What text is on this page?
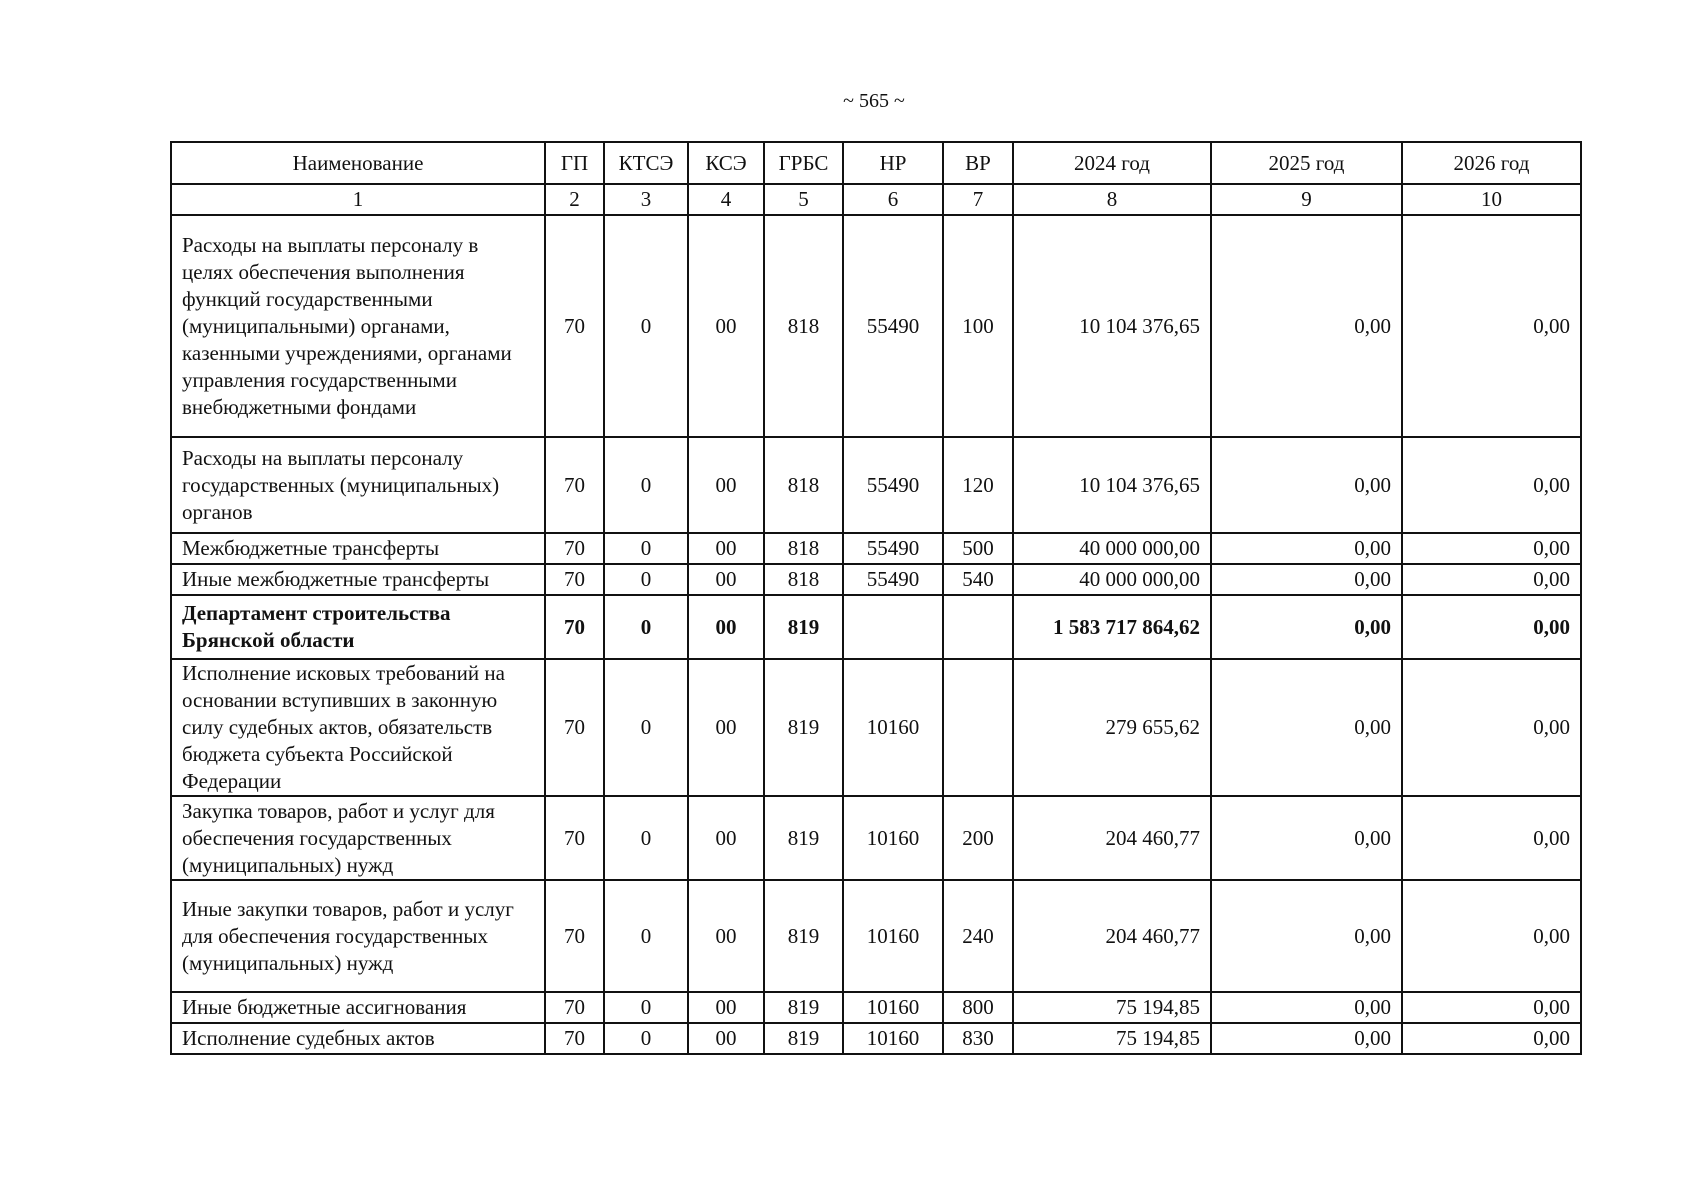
~ 565 ~
Наименование	ГП	КТСЭ	КСЭ	ГРБС	НР	ВР	2024 год	2025 год	2026 год
1	2	3	4	5	6	7	8	9	10
Расходы на выплаты персоналу в целях обеспечения выполнения функций государственными (муниципальными) органами, казенными учреждениями, органами управления государственными внебюджетными фондами	70	0	00	818	55490	100	10 104 376,65	0,00	0,00
Расходы на выплаты персоналу государственных (муниципальных) органов	70	0	00	818	55490	120	10 104 376,65	0,00	0,00
Межбюджетные трансферты	70	0	00	818	55490	500	40 000 000,00	0,00	0,00
Иные межбюджетные трансферты	70	0	00	818	55490	540	40 000 000,00	0,00	0,00
Департамент строительства Брянской области	70	0	00	819			1 583 717 864,62	0,00	0,00
Исполнение исковых требований на основании вступивших в законную силу судебных актов, обязательств бюджета субъекта Российской Федерации	70	0	00	819	10160		279 655,62	0,00	0,00
Закупка товаров, работ и услуг для обеспечения государственных (муниципальных) нужд	70	0	00	819	10160	200	204 460,77	0,00	0,00
Иные закупки товаров, работ и услуг для обеспечения государственных (муниципальных) нужд	70	0	00	819	10160	240	204 460,77	0,00	0,00
Иные бюджетные ассигнования	70	0	00	819	10160	800	75 194,85	0,00	0,00
Исполнение судебных актов	70	0	00	819	10160	830	75 194,85	0,00	0,00
